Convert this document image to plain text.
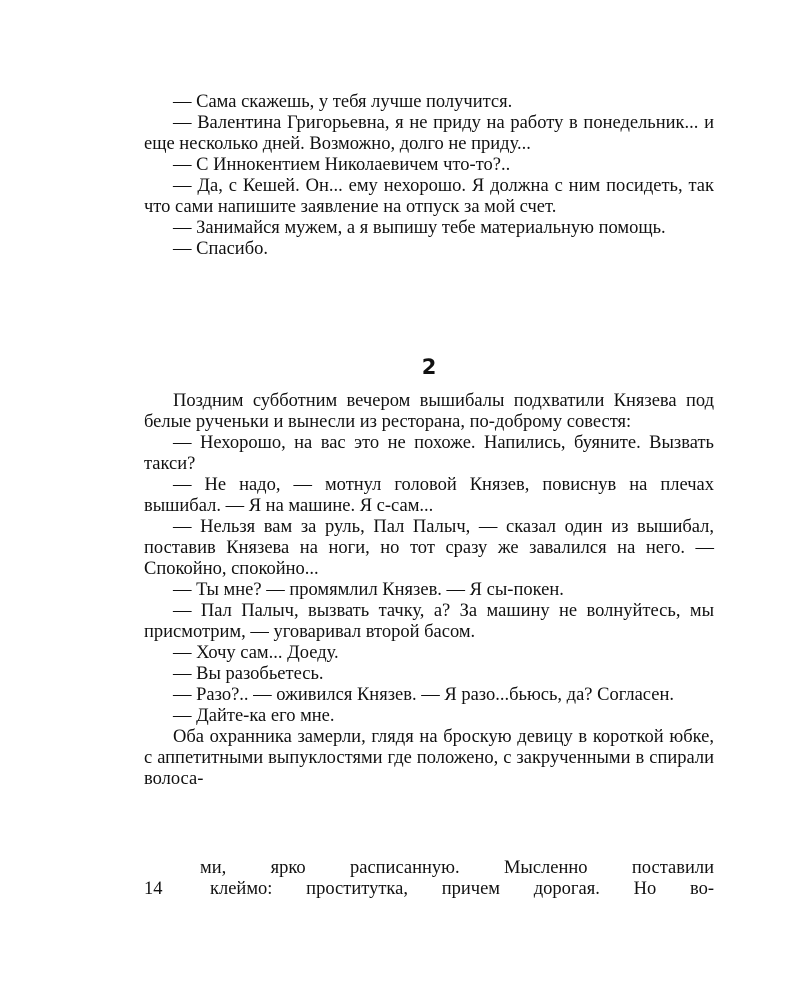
— Сама скажешь, у тебя лучше получится.

— Валентина Григорьевна, я не приду на работу в понедельник... и еще несколько дней. Возможно, долго не приду...

— С Иннокентием Николаевичем что-то?..

— Да, с Кешей. Он... ему нехорошо. Я должна с ним посидеть, так что сами напишите заявление на отпуск за мой счет.

— Занимайся мужем, а я выпишу тебе материальную помощь.

— Спасибо.

2

Поздним субботним вечером вышибалы подхватили Князева под белые рученьки и вынесли из ресторана, по-доброму совестя:

— Нехорошо, на вас это не похоже. Напились, буяните. Вызвать такси?

— Не надо, — мотнул головой Князев, повиснув на плечах вышибал. — Я на машине. Я с-сам...

— Нельзя вам за руль, Пал Палыч, — сказал один из вышибал, поставив Князева на ноги, но тот сразу же завалился на него. — Спокойно, спокойно...

— Ты мне? — промямлил Князев. — Я сы-покен.

— Пал Палыч, вызвать тачку, а? За машину не волнуйтесь, мы присмотрим, — уговаривал второй басом.

— Хочу сам... Доеду.

— Вы разобьетесь.

— Разо?.. — оживился Князев. — Я разо...бьюсь, да? Согласен.

— Дайте-ка его мне.

Оба охранника замерли, глядя на броскую девицу в короткой юбке, с аппетитными выпуклостями где положено, с закрученными в спирали волоса-

ми, ярко расписанную. Мысленно поставили
14	клеймо: проститутка, причем дорогая. Но во-
